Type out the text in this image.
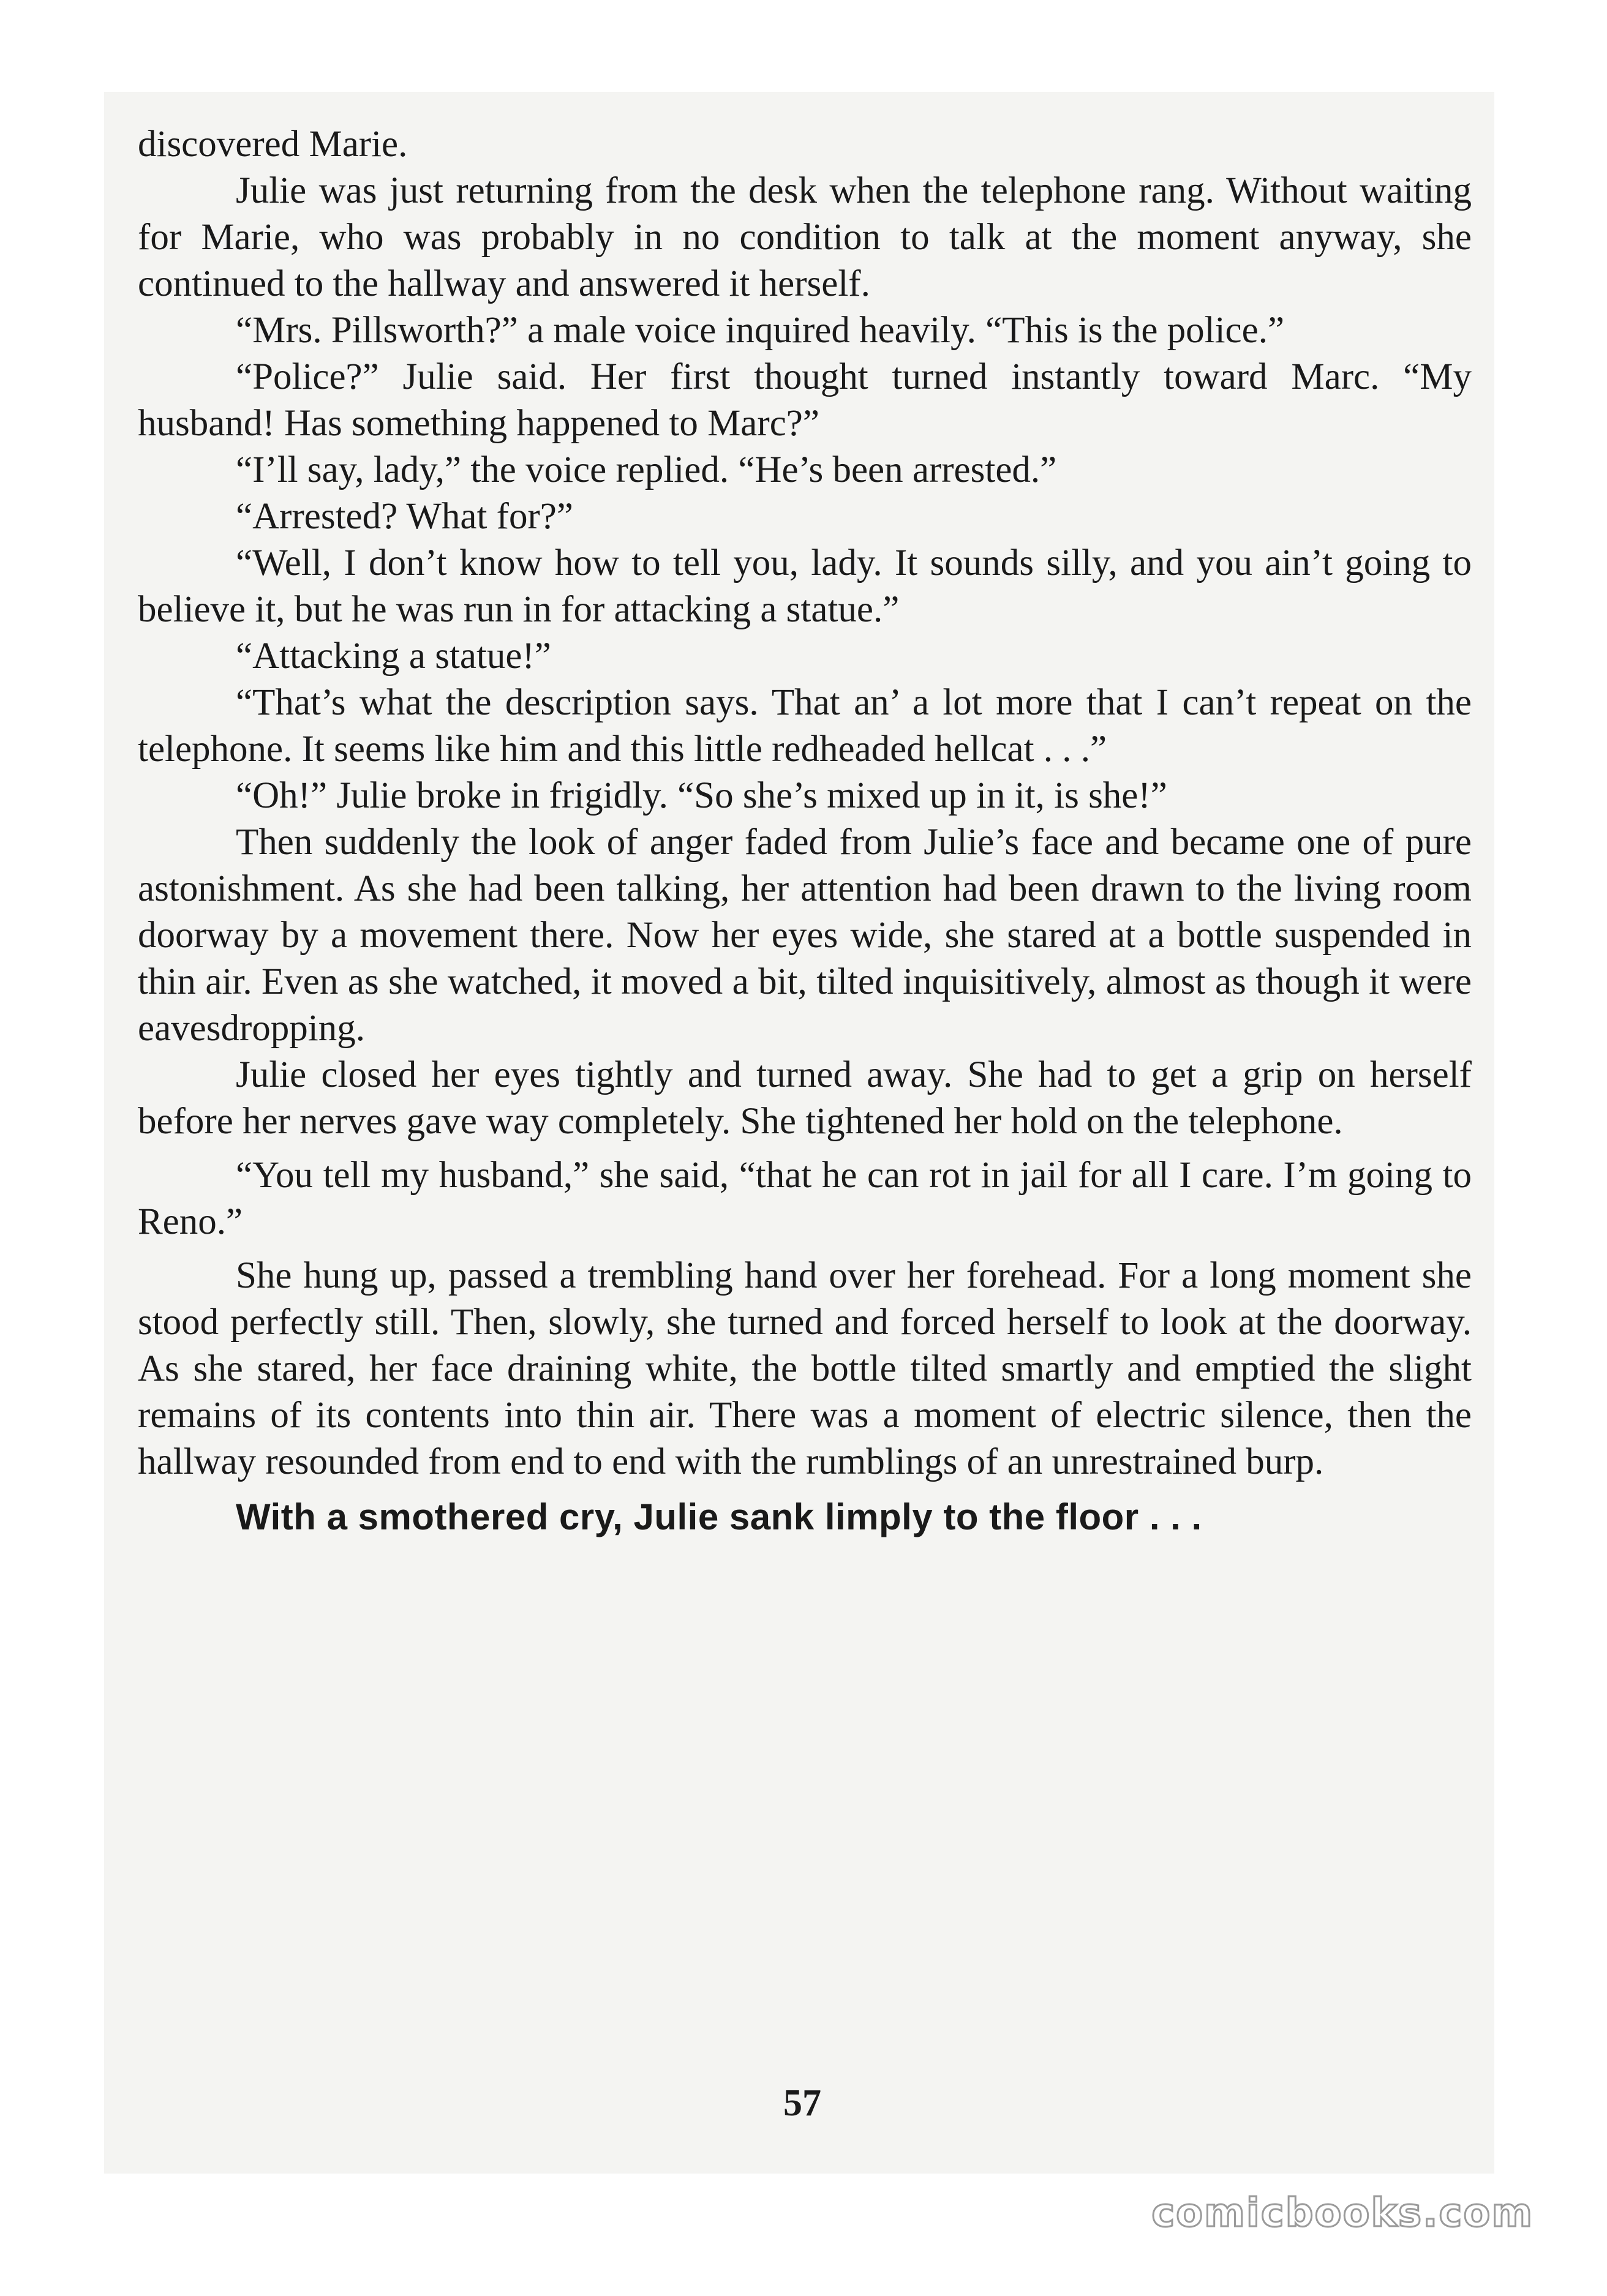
discovered Marie.

Julie was just returning from the desk when the telephone rang. Without waiting for Marie, who was probably in no condition to talk at the moment anyway, she continued to the hallway and answered it herself.

“Mrs. Pillsworth?” a male voice inquired heavily. “This is the police.”

“Police?” Julie said. Her first thought turned instantly toward Marc. “My husband! Has something happened to Marc?”

“I’ll say, lady,” the voice replied. “He’s been arrested.”

“Arrested? What for?”

“Well, I don’t know how to tell you, lady. It sounds silly, and you ain’t going to believe it, but he was run in for attacking a statue.”

“Attacking a statue!”

“That’s what the description says. That an’ a lot more that I can’t repeat on the telephone. It seems like him and this little redheaded hellcat . . .”

“Oh!” Julie broke in frigidly. “So she’s mixed up in it, is she!”

Then suddenly the look of anger faded from Julie’s face and became one of pure astonishment. As she had been talking, her attention had been drawn to the living room doorway by a movement there. Now her eyes wide, she stared at a bottle suspended in thin air. Even as she watched, it moved a bit, tilted inquisitively, almost as though it were eavesdropping.

Julie closed her eyes tightly and turned away. She had to get a grip on herself before her nerves gave way completely. She tightened her hold on the telephone.

“You tell my husband,” she said, “that he can rot in jail for all I care. I’m going to Reno.”

She hung up, passed a trembling hand over her forehead. For a long moment she stood perfectly still. Then, slowly, she turned and forced herself to look at the doorway. As she stared, her face draining white, the bottle tilted smartly and emptied the slight remains of its contents into thin air. There was a moment of electric silence, then the hallway resounded from end to end with the rumblings of an unrestrained burp.

With a smothered cry, Julie sank limply to the floor . . .

57
comicbooks.com
